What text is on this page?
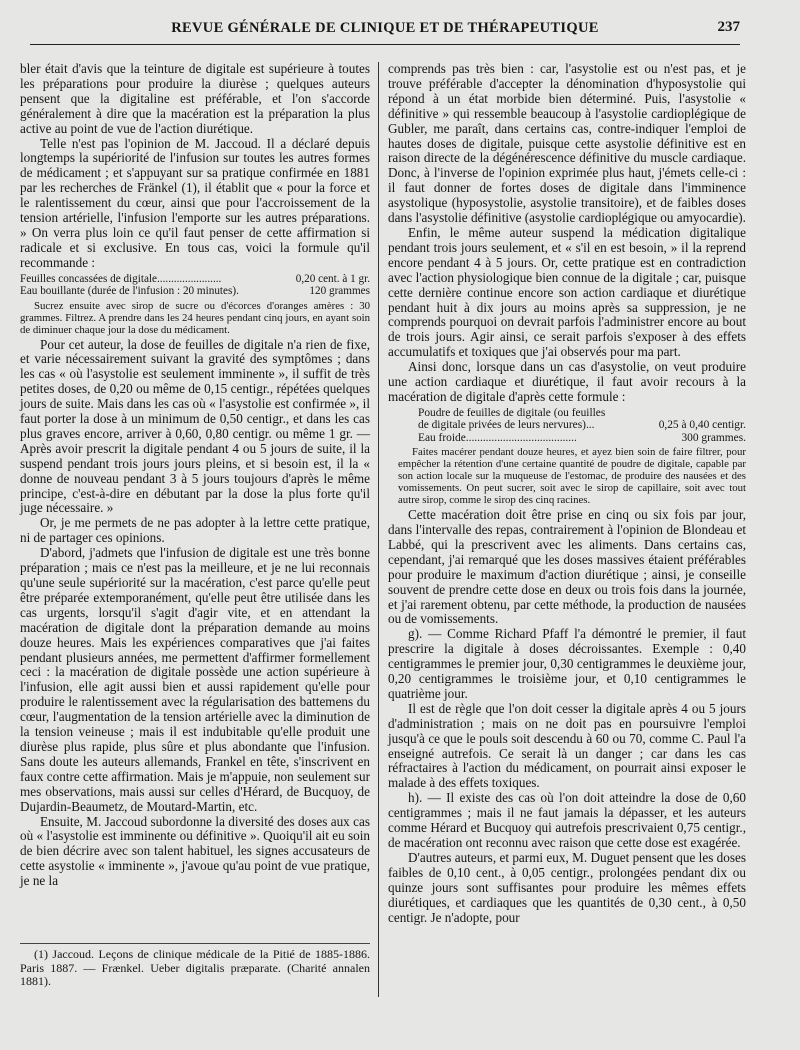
REVUE GÉNÉRALE DE CLINIQUE ET DE THÉRAPEUTIQUE	237

bler était d'avis que la teinture de digitale est supérieure à toutes les préparations pour produire la diurèse ; quelques auteurs pensent que la digitaline est préférable, et l'on s'accorde généralement à dire que la macération est la préparation la plus active au point de vue de l'action diurétique.

Telle n'est pas l'opinion de M. Jaccoud. Il a déclaré depuis longtemps la supériorité de l'infusion sur toutes les autres formes de médicament ; et s'appuyant sur sa pratique confirmée en 1881 par les recherches de Fränkel (1), il établit que « pour la force et le ralentissement du cœur, ainsi que pour l'accroissement de la tension artérielle, l'infusion l'emporte sur les autres préparations. » On verra plus loin ce qu'il faut penser de cette affirmation si radicale et si exclusive. En tous cas, voici la formule qu'il recommande :

Feuilles concassées de digitale.......................	0,20 cent. à 1 gr.
Eau bouillante (durée de l'infusion : 20 minutes).	120 grammes

Sucrez ensuite avec sirop de sucre ou d'écorces d'oranges amères : 30 grammes. Filtrez. A prendre dans les 24 heures pendant cinq jours, en ayant soin de diminuer chaque jour la dose du médicament.

Pour cet auteur, la dose de feuilles de digitale n'a rien de fixe, et varie nécessairement suivant la gravité des symptômes ; dans les cas « où l'asystolie est seulement imminente », il suffit de très petites doses, de 0,20 ou même de 0,15 centigr., répétées quelques jours de suite. Mais dans les cas où « l'asystolie est confirmée », il faut porter la dose à un minimum de 0,50 centigr., et dans les cas plus graves encore, arriver à 0,60, 0,80 centigr. ou même 1 gr. — Après avoir prescrit la digitale pendant 4 ou 5 jours de suite, il la suspend pendant trois jours jours pleins, et si besoin est, il la « donne de nouveau pendant 3 à 5 jours toujours d'après le même principe, c'est-à-dire en débutant par la dose la plus forte qu'il juge nécessaire. »

Or, je me permets de ne pas adopter à la lettre cette pratique, ni de partager ces opinions.

D'abord, j'admets que l'infusion de digitale est une très bonne préparation ; mais ce n'est pas la meilleure, et je ne lui reconnais qu'une seule supériorité sur la macération, c'est parce qu'elle peut être préparée extemporanément, qu'elle peut être utilisée dans les cas urgents, lorsqu'il s'agit d'agir vite, et en attendant la macération de digitale dont la préparation demande au moins douze heures. Mais les expériences comparatives que j'ai faites pendant plusieurs années, me permettent d'affirmer formellement ceci : la macération de digitale possède une action supérieure à l'infusion, elle agit aussi bien et aussi rapidement qu'elle pour produire le ralentissement avec la régularisation des battemens du cœur, l'augmentation de la tension artérielle avec la diminution de la tension veineuse ; mais il est indubitable qu'elle produit une diurèse plus rapide, plus sûre et plus abondante que l'infusion. Sans doute les auteurs allemands, Frankel en tête, s'inscrivent en faux contre cette affirmation. Mais je m'appuie, non seulement sur mes observations, mais aussi sur celles d'Hérard, de Bucquoy, de Dujardin-Beaumetz, de Moutard-Martin, etc.

Ensuite, M. Jaccoud subordonne la diversité des doses aux cas où « l'asystolie est imminente ou définitive ». Quoiqu'il ait eu soin de bien décrire avec son talent habituel, les signes accusateurs de cette asystolie « imminente », j'avoue qu'au point de vue pratique, je ne la

(1) Jaccoud. Leçons de clinique médicale de la Pitié de 1885-1886. Paris 1887. — Frænkel. Ueber digitalis præparate. (Charité annalen 1881).

comprends pas très bien : car, l'asystolie est ou n'est pas, et je trouve préférable d'accepter la dénomination d'hyposystolie qui répond à un état morbide bien déterminé. Puis, l'asystolie « définitive » qui ressemble beaucoup à l'asystolie cardioplégique de Gubler, me paraît, dans certains cas, contre-indiquer l'emploi de hautes doses de digitale, puisque cette asystolie définitive est en raison directe de la dégénérescence définitive du muscle cardiaque. Donc, à l'inverse de l'opinion exprimée plus haut, j'émets celle-ci : il faut donner de fortes doses de digitale dans l'imminence asystolique (hyposystolie, asystolie transitoire), et de faibles doses dans l'asystolie définitive (asystolie cardioplégique ou amyocardie).

Enfin, le même auteur suspend la médication digitalique pendant trois jours seulement, et « s'il en est besoin, » il la reprend encore pendant 4 à 5 jours. Or, cette pratique est en contradiction avec l'action physiologique bien connue de la digitale ; car, puisque cette dernière continue encore son action cardiaque et diurétique pendant huit à dix jours au moins après sa suppression, je ne comprends pourquoi on devrait parfois l'administrer encore au bout de trois jours. Agir ainsi, ce serait parfois s'exposer à des effets accumulatifs et toxiques que j'ai observés pour ma part.

Ainsi donc, lorsque dans un cas d'asystolie, on veut produire une action cardiaque et diurétique, il faut avoir recours à la macération de digitale d'après cette formule :

Poudre de feuilles de digitale (ou feuilles
de digitale privées de leurs nervures)...	0,25 à 0,40 centigr.
Eau froide.......................................	300 grammes.

Faites macérer pendant douze heures, et ayez bien soin de faire filtrer, pour empêcher la rétention d'une certaine quantité de poudre de digitale, capable par son action locale sur la muqueuse de l'estomac, de produire des nausées et des vomissements. On peut sucrer, soit avec le sirop de capillaire, soit avec tout autre sirop, comme le sirop des cinq racines.

Cette macération doit être prise en cinq ou six fois par jour, dans l'intervalle des repas, contrairement à l'opinion de Blondeau et Labbé, qui la prescrivent avec les aliments. Dans certains cas, cependant, j'ai remarqué que les doses massives étaient préférables pour produire le maximum d'action diurétique ; ainsi, je conseille souvent de prendre cette dose en deux ou trois fois dans la journée, et j'ai rarement obtenu, par cette méthode, la production de nausées ou de vomissements.

g). — Comme Richard Pfaff l'a démontré le premier, il faut prescrire la digitale à doses décroissantes. Exemple : 0,40 centigrammes le premier jour, 0,30 centigrammes le deuxième jour, 0,20 centigrammes le troisième jour, et 0,10 centigrammes le quatrième jour.

Il est de règle que l'on doit cesser la digitale après 4 ou 5 jours d'administration ; mais on ne doit pas en poursuivre l'emploi jusqu'à ce que le pouls soit descendu à 60 ou 70, comme C. Paul l'a enseigné autrefois. Ce serait là un danger ; car dans les cas réfractaires à l'action du médicament, on pourrait ainsi exposer le malade à des effets toxiques.

h). — Il existe des cas où l'on doit atteindre la dose de 0,60 centigrammes ; mais il ne faut jamais la dépasser, et les auteurs comme Hérard et Bucquoy qui autrefois prescrivaient 0,75 centigr., de macération ont reconnu avec raison que cette dose est exagérée.

D'autres auteurs, et parmi eux, M. Duguet pensent que les doses faibles de 0,10 cent., à 0,05 centigr., prolongées pendant dix ou quinze jours sont suffisantes pour produire les mêmes effets diurétiques, et cardiaques que les quantités de 0,30 cent., à 0,50 centigr. Je n'adopte, pour
